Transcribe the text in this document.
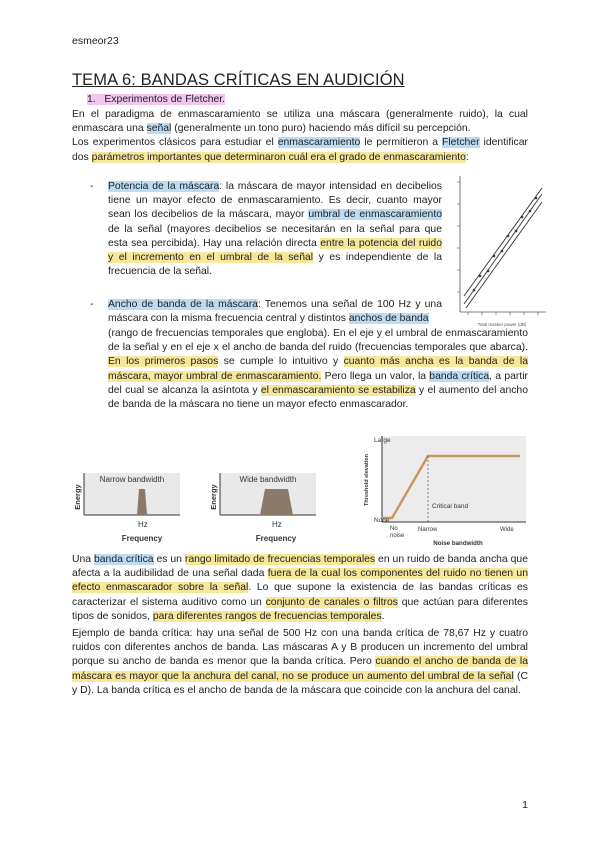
esmeor23
TEMA 6: BANDAS CRÍTICAS EN AUDICIÓN
1. Experimentos de Fletcher.
En el paradigma de enmascaramiento se utiliza una máscara (generalmente ruido), la cual enmascara una señal (generalmente un tono puro) haciendo más difícil su percepción.
Los experimentos clásicos para estudiar el enmascaramiento le permitieron a Fletcher identificar dos parámetros importantes que determinaron cuál era el grado de enmascaramiento:
- Potencia de la máscara: la máscara de mayor intensidad en decibelios tiene un mayor efecto de enmascaramiento. Es decir, cuanto mayor sean los decibelios de la máscara, mayor umbral de enmascaramiento de la señal (mayores decibelios se necesitarán en la señal para que esta sea percibida). Hay una relación directa entre la potencia del ruido y el incremento en el umbral de la señal y es independiente de la frecuencia de la señal.
Total masker power (dB)
- Ancho de banda de la máscara: Tenemos una señal de 100 Hz y una máscara con la misma frecuencia central y distintos anchos de banda
(rango de frecuencias temporales que engloba). En el eje y el umbral de enmascaramiento de la señal y en el eje x el ancho de banda del ruido (frecuencias temporales que abarca). En los primeros pasos se cumple lo intuitivo y cuanto más ancha es la banda de la máscara, mayor umbral de enmascaramiento. Pero llega un valor, la banda crítica, a partir del cual se alcanza la asíntota y el enmascaramiento se estabiliza y el aumento del ancho de banda de la máscara no tiene un mayor efecto enmascarador.
Narrow bandwidth
Energy
Hz
Frequency
Wide bandwidth
Energy
Hz
Frequency
Threshold elevation
Large
None
Critical band
No
noise
Narrow	Wide
Noise bandwidth
Una banda crítica es un rango limitado de frecuencias temporales en un ruido de banda ancha que afecta a la audibilidad de una señal dada fuera de la cual los componentes del ruido no tienen un efecto enmascarador sobre la señal. Lo que supone la existencia de las bandas críticas es caracterizar el sistema auditivo como un conjunto de canales o filtros que actúan para diferentes tipos de sonidos, para diferentes rangos de frecuencias temporales.
Ejemplo de banda crítica: hay una señal de 500 Hz con una banda crítica de 78,67 Hz y cuatro ruidos con diferentes anchos de banda. Las máscaras A y B producen un incremento del umbral porque su ancho de banda es menor que la banda crítica. Pero cuando el ancho de banda de la máscara es mayor que la anchura del canal, no se produce un aumento del umbral de la señal (C y D). La banda crítica es el ancho de banda de la máscara que coincide con la anchura del canal.
1
